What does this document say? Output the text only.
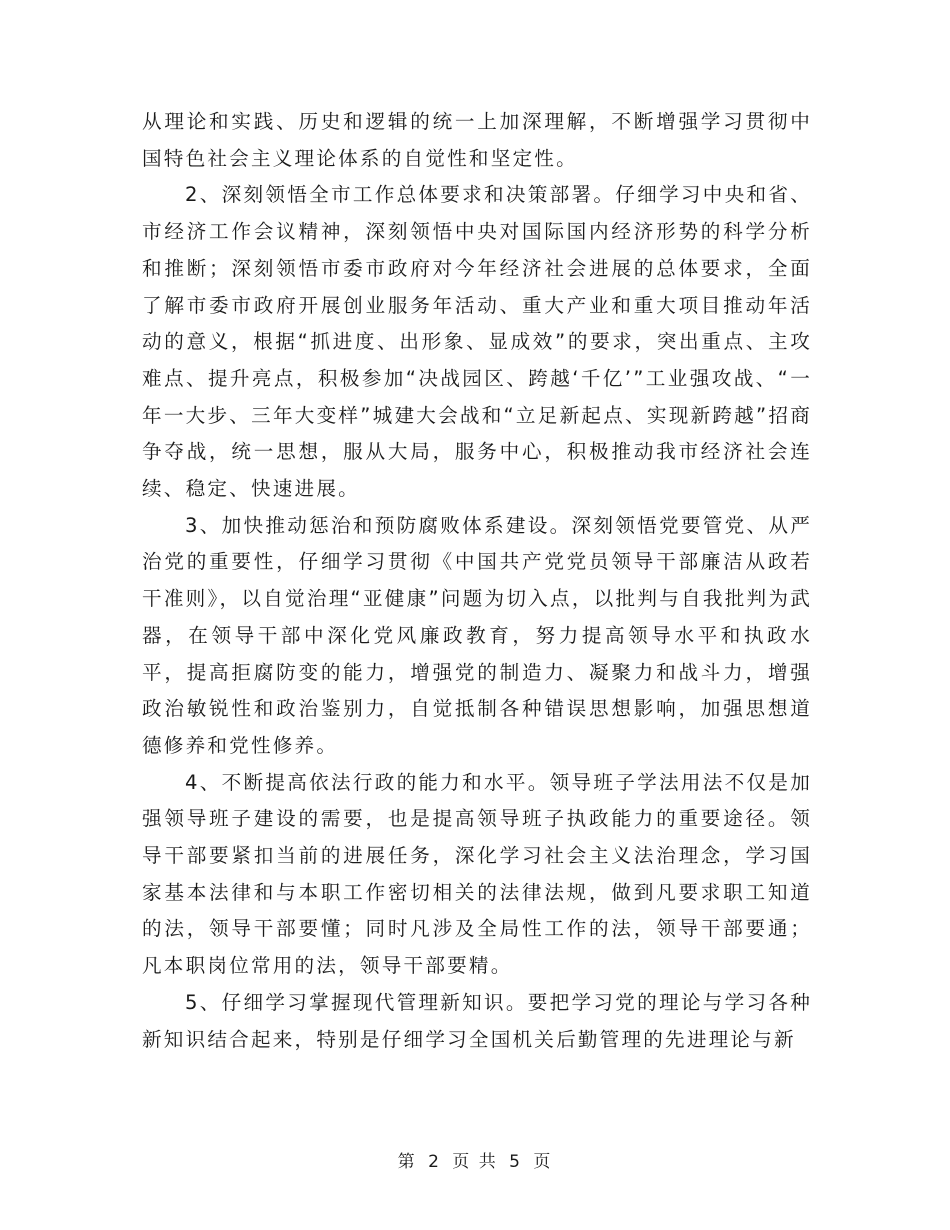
从理论和实践、历史和逻辑的统一上加深理解，不断增强学习贯彻中国特色社会主义理论体系的自觉性和坚定性。

2、深刻领悟全市工作总体要求和决策部署。仔细学习中央和省、市经济工作会议精神，深刻领悟中央对国际国内经济形势的科学分析和推断；深刻领悟市委市政府对今年经济社会进展的总体要求，全面了解市委市政府开展创业服务年活动、重大产业和重大项目推动年活动的意义，根据“抓进度、出形象、显成效”的要求，突出重点、主攻难点、提升亮点，积极参加“决战园区、跨越‘千亿’”工业强攻战、“一年一大步、三年大变样”城建大会战和“立足新起点、实现新跨越”招商争夺战，统一思想，服从大局，服务中心，积极推动我市经济社会连续、稳定、快速进展。

3、加快推动惩治和预防腐败体系建设。深刻领悟党要管党、从严治党的重要性，仔细学习贯彻《中国共产党党员领导干部廉洁从政若干准则》，以自觉治理“亚健康”问题为切入点，以批判与自我批判为武器，在领导干部中深化党风廉政教育，努力提高领导水平和执政水平，提高拒腐防变的能力，增强党的制造力、凝聚力和战斗力，增强政治敏锐性和政治鉴别力，自觉抵制各种错误思想影响，加强思想道德修养和党性修养。

4、不断提高依法行政的能力和水平。领导班子学法用法不仅是加强领导班子建设的需要，也是提高领导班子执政能力的重要途径。领导干部要紧扣当前的进展任务，深化学习社会主义法治理念，学习国家基本法律和与本职工作密切相关的法律法规，做到凡要求职工知道的法，领导干部要懂；同时凡涉及全局性工作的法，领导干部要通；凡本职岗位常用的法，领导干部要精。

5、仔细学习掌握现代管理新知识。要把学习党的理论与学习各种新知识结合起来，特别是仔细学习全国机关后勤管理的先进理论与新

第 2 页 共 5 页
